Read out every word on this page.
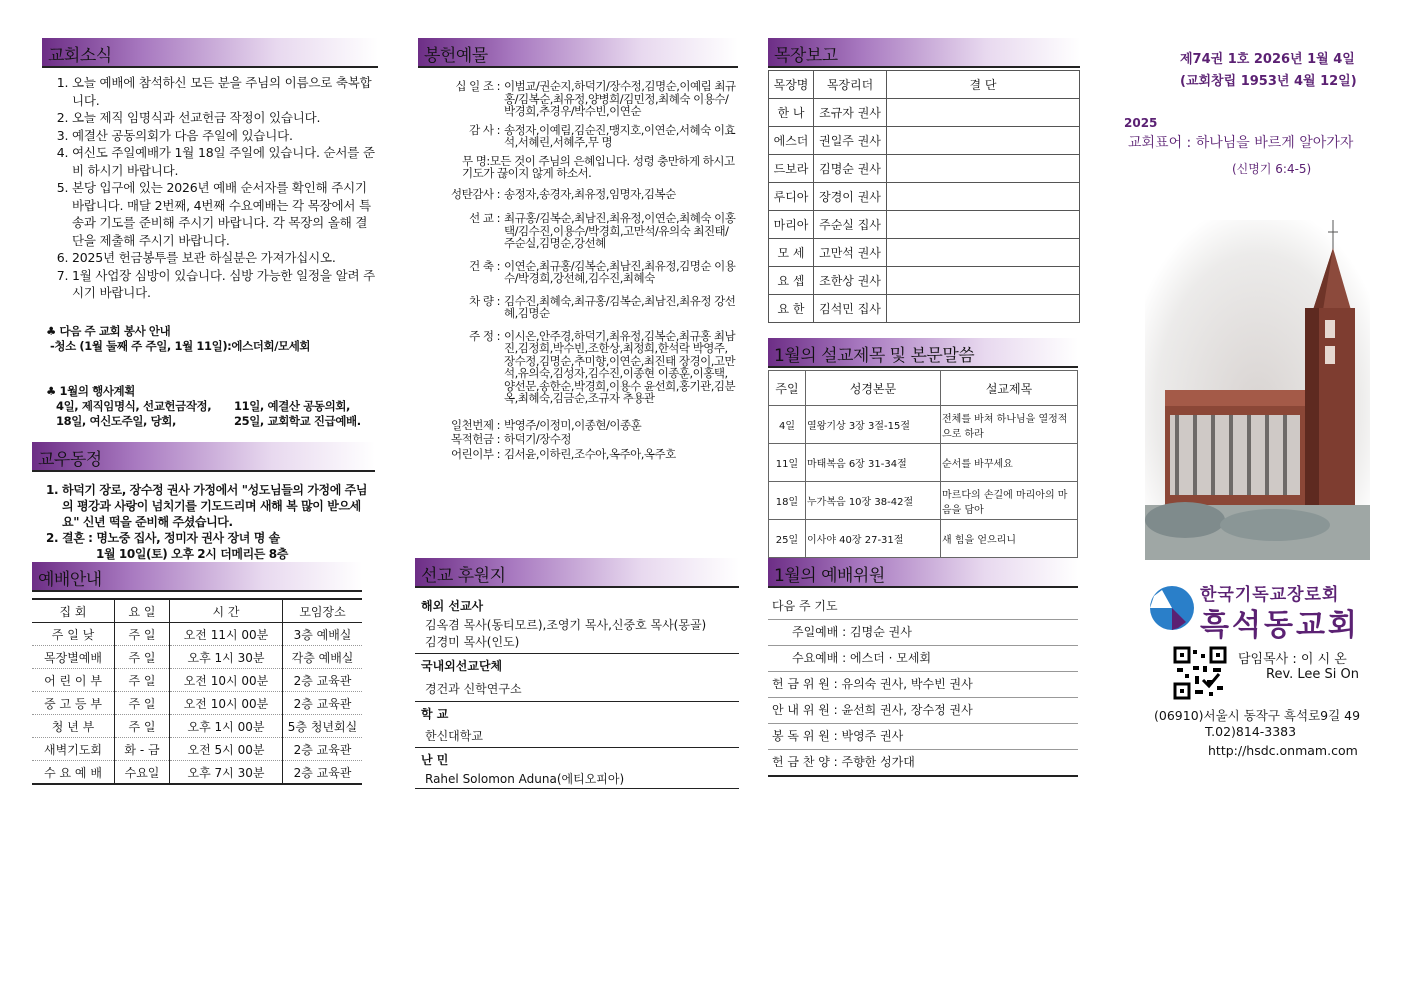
교회소식
1. 오늘 예배에 참석하신 모든 분을 주님의 이름으로 축복합니다.
2. 오늘 제직 임명식과 선교헌금 작정이 있습니다.
3. 예결산 공동의회가 다음 주일에 있습니다.
4. 여신도 주일예배가 1월 18일 주일에 있습니다. 순서를 준비 하시기 바랍니다.
5. 본당 입구에 있는 2026년 예배 순서자를 확인해 주시기 바랍니다. 매달 2번째, 4번째 수요예배는 각 목장에서 특송과 기도를 준비해 주시기 바랍니다. 각 목장의 올해 결단을 제출해 주시기 바랍니다.
6. 2025년 헌금봉투를 보관 하실분은 가져가십시오.
7. 1월 사업장 심방이 있습니다. 심방 가능한 일정을 알려 주시기 바랍니다.
♣ 다음 주 교회 봉사 안내
-청소 (1월 둘째 주 주일, 1월 11일):에스더회/모세회
♣ 1월의 행사계획
4일, 제직임명식, 선교헌금작정,	11일, 예결산 공동의회,
18일, 여신도주일, 당회,	25일, 교회학교 진급예배.
교우동정
1. 하덕기 장로, 장수정 권사 가정에서 "성도님들의 가정에 주님의 평강과 사랑이 넘치기를 기도드리며 새해 복 많이 받으세요" 신년 떡을 준비해 주셨습니다.
2. 결혼 : 명노중 집사, 정미자 권사 장녀 명 솔
1월 10일(토) 오후 2시 더메리든 8층
예배안내
집 회	요 일	시 간	모임장소
주 일 낮	주 일	오전 11시 00분	3층 예배실
목장별예배	주 일	오후 1시 30분	각층 예배실
어 린 이 부	주 일	오전 10시 00분	2층 교육관
중 고 등 부	주 일	오전 10시 00분	2층 교육관
청 년 부	주 일	오후 1시 00분	5층 청년회실
새벽기도회	화 - 금	오전 5시 00분	2층 교육관
수 요 예 배	수요일	오후 7시 30분	2층 교육관
봉헌예물
십 일 조 : 이범교/권순지,하덕기/장수정,김명순,이예림 최규홍/김복순,최유정,양병희/김민정,최혜숙 이용수/박경희,추경우/박수빈,이연순
감 사 : 송정자,이예림,김순진,맹지호,이연순,서혜숙 이효석,서혜린,서혜주,무 명
무 명:모든 것이 주님의 은혜입니다. 성령 충만하게 하시고 기도가 끊이지 않게 하소서.
성탄감사 : 송정자,송경자,최유정,임명자,김복순
선 교 : 최규홍/김복순,최남진,최유정,이연순,최혜숙 이홍택/김수진,이용수/박경희,고만석/유의숙 최진태/주순실,김명순,강선혜
건 축 : 이연순,최규홍/김복순,최남진,최유정,김명순 이용수/박경희,강선혜,김수진,최혜숙
차 량 : 김수진,최혜숙,최규홍/김복순,최남진,최유정 강선혜,김명순
주 정 : 이시온,안주경,하덕기,최유정,김복순,최규홍 최남진,김정희,박수빈,조한상,최정희,한석락 박영주,장수정,김명순,추미향,이연순,최진태 장경이,고만석,유의숙,김성자,김수진,이종현 이종훈,이홍택,양선문,송한순,박경희,이용수 윤선희,홍기관,김분옥,최혜숙,김금순,조규자 추용관
일천번제 : 박영주/이정미,이종현/이종훈
목적헌금 : 하덕기/장수정
어린이부 : 김서윤,이하린,조수아,옥주아,옥주호
선교 후원지
해외 선교사
김옥겸 목사(동티모르),조영기 목사,신중호 목사(몽골)
김경미 목사(인도)
국내외선교단체
경건과 신학연구소
학 교
한신대학교
난 민
Rahel Solomon Aduna(에티오피아)
목장보고
목장명	목장리더	결 단
한 나	조규자 권사	
에스더	권일주 권사	
드보라	김명순 권사	
루디아	장경이 권사	
마리아	주순실 집사	
모 세	고만석 권사	
요 셉	조한상 권사	
요 한	김석민 집사	
1월의 설교제목 및 본문말씀
주일	성경본문	설교제목
4일	열왕기상 3장 3절-15절	전체를 바쳐 하나님을 열정적으로 하라
11일	마태복음 6장 31-34절	순서를 바꾸세요
18일	누가복음 10장 38-42절	마르다의 손길에 마리아의 마음을 담아
25일	이사야 40장 27-31절	새 힘을 얻으리니
1월의 예배위원
다음 주 기도
주일예배 : 김명순 권사
수요예배 : 에스더 · 모세회
헌 금 위 원 : 유의숙 권사, 박수빈 권사
안 내 위 원 : 윤선희 권사, 장수정 권사
봉 독 위 원 : 박영주 권사
헌 금 찬 양 : 주향한 성가대
제74권 1호 2026년 1월 4일
(교회창립 1953년 4월 12일)
2025
교회표어 : 하나님을 바르게 알아가자
(신명기 6:4-5)
한국기독교장로회
흑석동교회
담임목사 : 이 시 온
Rev. Lee Si On
(06910)서울시 동작구 흑석로9길 49
T.02)814-3383
http://hsdc.onmam.com
